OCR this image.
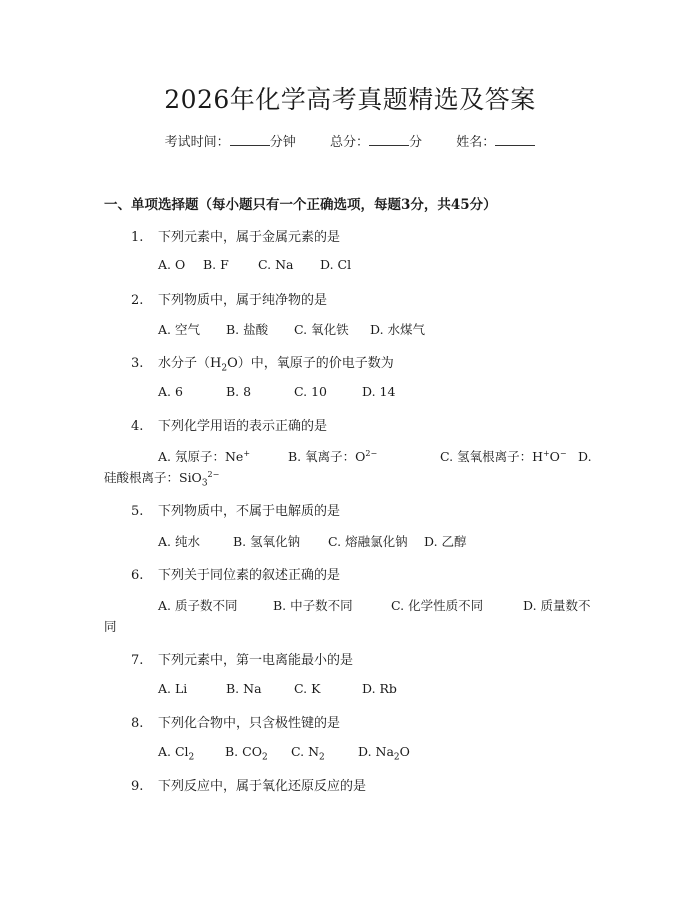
2026年化学高考真题精选及答案
考试时间：	分钟	总分：	分	姓名：
一、单项选择题（每小题只有一个正确选项，每题3分，共45分）
1. 下列元素中，属于金属元素的是
A. O B. F C. Na D. Cl
2. 下列物质中，属于纯净物的是
A. 空气 B. 盐酸 C. 氧化铁 D. 水煤气
3. 水分子$(H_2O)$中，氧原子的价电子数为
A. 6	B. 8	C. 10	D. 14
4. 下列化学用语的表示正确的是
A. 氖原子：Ne+	B. 氧离子：$O^{2-}$	C. 氢氧根离子：H+O− D.
硅酸根离子：SiO$_3^{2-}$
5. 下列物质中，不属于电解质的是
A. 纯水	B. 氢氧化钠 C. 熔融氯化钠 D. 乙醇
6. 下列关于同位素的叙述正确的是
A. 质子数不同	B. 中子数不同	C. 化学性质不同	D. 质量数不
同
7. 下列元素中，第一电离能最小的是
A. Li	B. Na	C. K	D. Rb
8. 下列化合物中，只含极性键的是
A. $Cl_2$ B. $CO_2$ C. $N_2$	D. $Na_2O$
9. 下列反应中，属于氧化还原反应的是
